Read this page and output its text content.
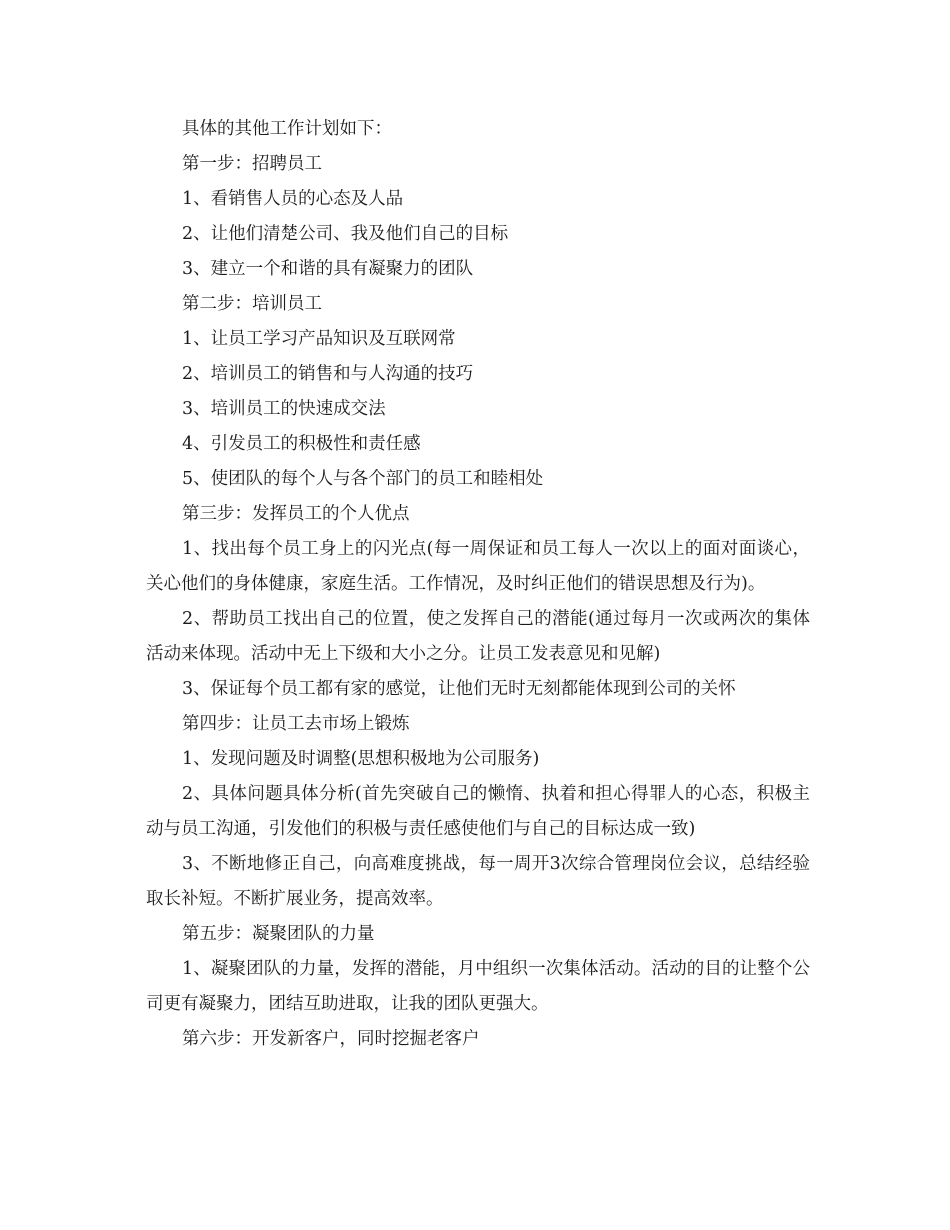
具体的其他工作计划如下：

第一步：招聘员工

1、看销售人员的心态及人品

2、让他们清楚公司、我及他们自己的目标

3、建立一个和谐的具有凝聚力的团队

第二步：培训员工

1、让员工学习产品知识及互联网常

2、培训员工的销售和与人沟通的技巧

3、培训员工的快速成交法

4、引发员工的积极性和责任感

5、使团队的每个人与各个部门的员工和睦相处

第三步：发挥员工的个人优点

1、找出每个员工身上的闪光点(每一周保证和员工每人一次以上的面对面谈心，关心他们的身体健康，家庭生活。工作情况，及时纠正他们的错误思想及行为)。

2、帮助员工找出自己的位置，使之发挥自己的潜能(通过每月一次或两次的集体活动来体现。活动中无上下级和大小之分。让员工发表意见和见解)

3、保证每个员工都有家的感觉，让他们无时无刻都能体现到公司的关怀

第四步：让员工去市场上锻炼

1、发现问题及时调整(思想积极地为公司服务)

2、具体问题具体分析(首先突破自己的懒惰、执着和担心得罪人的心态，积极主动与员工沟通，引发他们的积极与责任感使他们与自己的目标达成一致)

3、不断地修正自己，向高难度挑战，每一周开3次综合管理岗位会议，总结经验取长补短。不断扩展业务，提高效率。

第五步：凝聚团队的力量

1、凝聚团队的力量，发挥的潜能，月中组织一次集体活动。活动的目的让整个公司更有凝聚力，团结互助进取，让我的团队更强大。

第六步：开发新客户，同时挖掘老客户
